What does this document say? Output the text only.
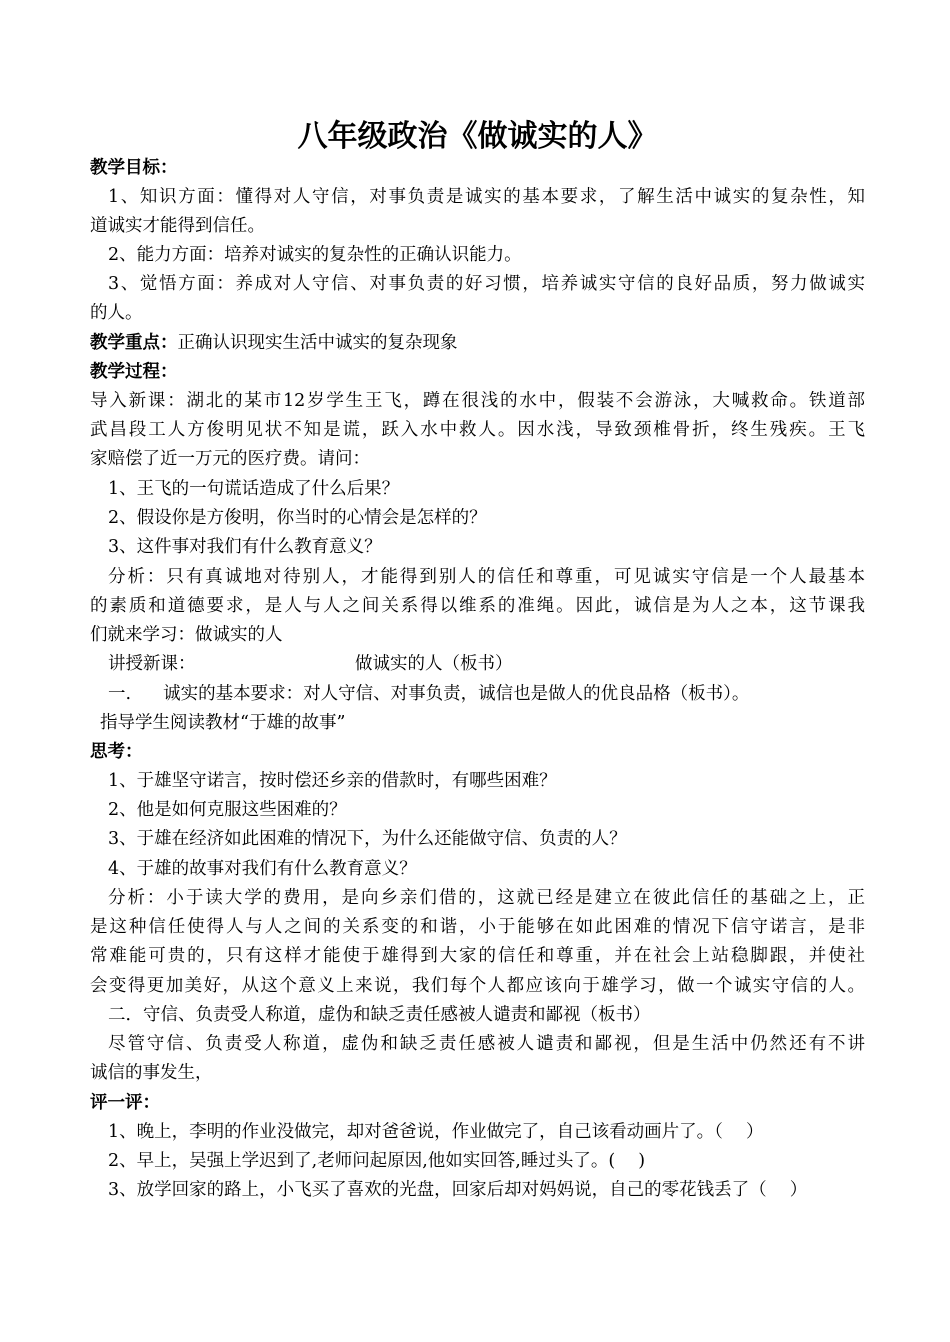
八年级政治《做诚实的人》
教学目标：
1、知识方面：懂得对人守信，对事负责是诚实的基本要求，了解生活中诚实的复杂性，知
道诚实才能得到信任。
2、能力方面：培养对诚实的复杂性的正确认识能力。
3、觉悟方面：养成对人守信、对事负责的好习惯，培养诚实守信的良好品质，努力做诚实
的人。
教学重点：正确认识现实生活中诚实的复杂现象
教学过程：
导入新课：湖北的某市12岁学生王飞，蹲在很浅的水中，假装不会游泳，大喊救命。铁道部
武昌段工人方俊明见状不知是谎，跃入水中救人。因水浅，导致颈椎骨折，终生残疾。王飞
家赔偿了近一万元的医疗费。请问：
1、王飞的一句谎话造成了什么后果？
2、假设你是方俊明，你当时的心情会是怎样的？
3、这件事对我们有什么教育意义？
分析：只有真诚地对待别人，才能得到别人的信任和尊重，可见诚实守信是一个人最基本
的素质和道德要求，是人与人之间关系得以维系的准绳。因此，诚信是为人之本，这节课我
们就来学习：做诚实的人
讲授新课：	做诚实的人（板书）
一. 诚实的基本要求：对人守信、对事负责，诚信也是做人的优良品格（板书）。
指导学生阅读教材“于雄的故事”
思考：
1、于雄坚守诺言，按时偿还乡亲的借款时，有哪些困难？
2、他是如何克服这些困难的？
3、于雄在经济如此困难的情况下，为什么还能做守信、负责的人？
4、于雄的故事对我们有什么教育意义？
分析：小于读大学的费用，是向乡亲们借的，这就已经是建立在彼此信任的基础之上，正
是这种信任使得人与人之间的关系变的和谐，小于能够在如此困难的情况下信守诺言，是非
常难能可贵的，只有这样才能使于雄得到大家的信任和尊重，并在社会上站稳脚跟，并使社
会变得更加美好，从这个意义上来说，我们每个人都应该向于雄学习，做一个诚实守信的人。
二．守信、负责受人称道，虚伪和缺乏责任感被人谴责和鄙视（板书）
尽管守信、负责受人称道，虚伪和缺乏责任感被人谴责和鄙视，但是生活中仍然还有不讲
诚信的事发生，
评一评：
1、晚上，李明的作业没做完，却对爸爸说，作业做完了，自己该看动画片了。（　 ）
2、早上，吴强上学迟到了,老师问起原因,他如实回答,睡过头了。(　 )
3、放学回家的路上，小飞买了喜欢的光盘，回家后却对妈妈说，自己的零花钱丢了（　 ）
